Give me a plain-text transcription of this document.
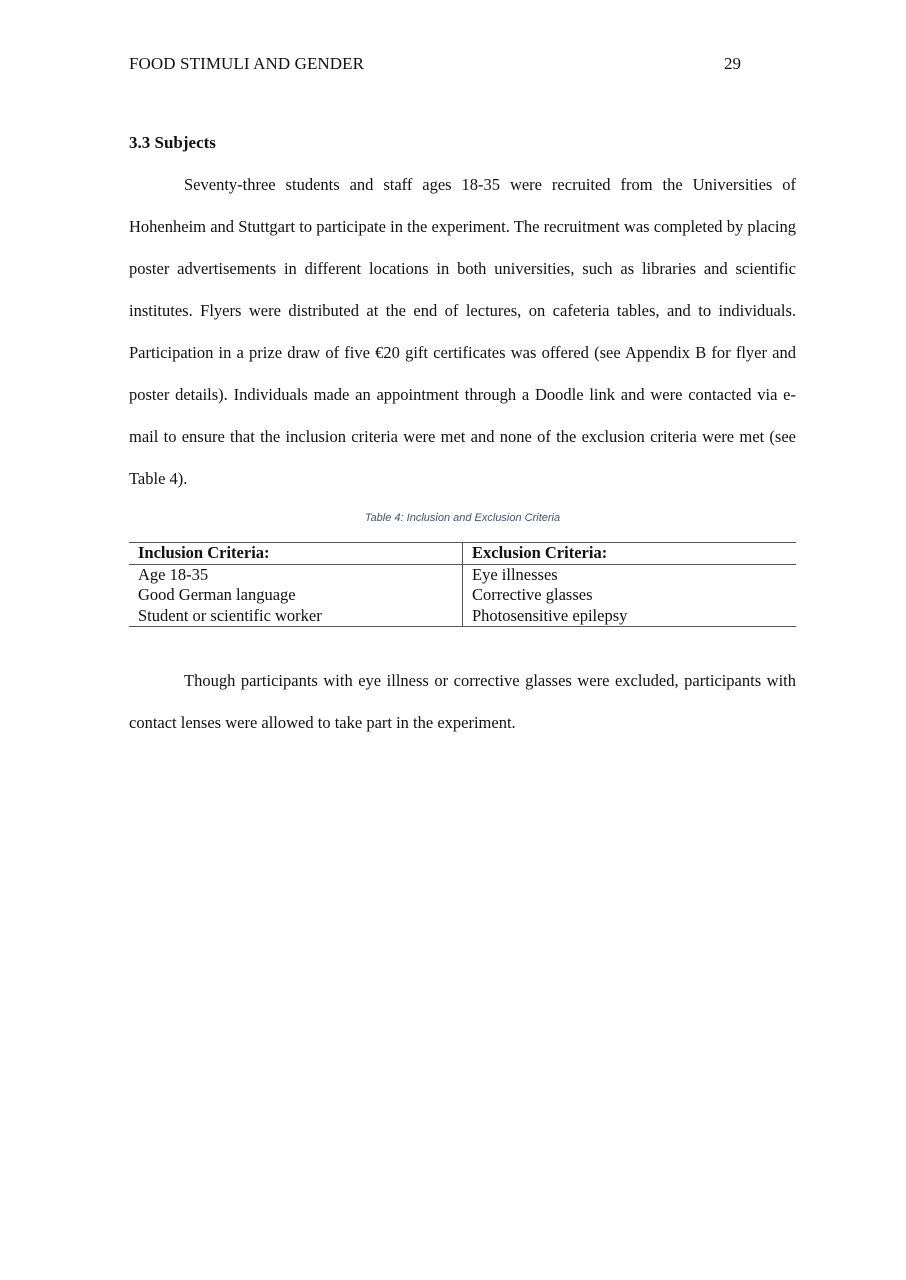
FOOD STIMULI AND GENDER	29
3.3 Subjects

Seventy-three students and staff ages 18-35 were recruited from the Universities of Hohenheim and Stuttgart to participate in the experiment. The recruitment was completed by placing poster advertisements in different locations in both universities, such as libraries and scientific institutes. Flyers were distributed at the end of lectures, on cafeteria tables, and to individuals. Participation in a prize draw of five €20 gift certificates was offered (see Appendix B for flyer and poster details). Individuals made an appointment through a Doodle link and were contacted via e-mail to ensure that the inclusion criteria were met and none of the exclusion criteria were met (see Table 4).

Table 4: Inclusion and Exclusion Criteria
Inclusion Criteria:	Exclusion Criteria:
Age 18-35	Eye illnesses
Good German language	Corrective glasses
Student or scientific worker	Photosensitive epilepsy

Though participants with eye illness or corrective glasses were excluded, participants with contact lenses were allowed to take part in the experiment.
